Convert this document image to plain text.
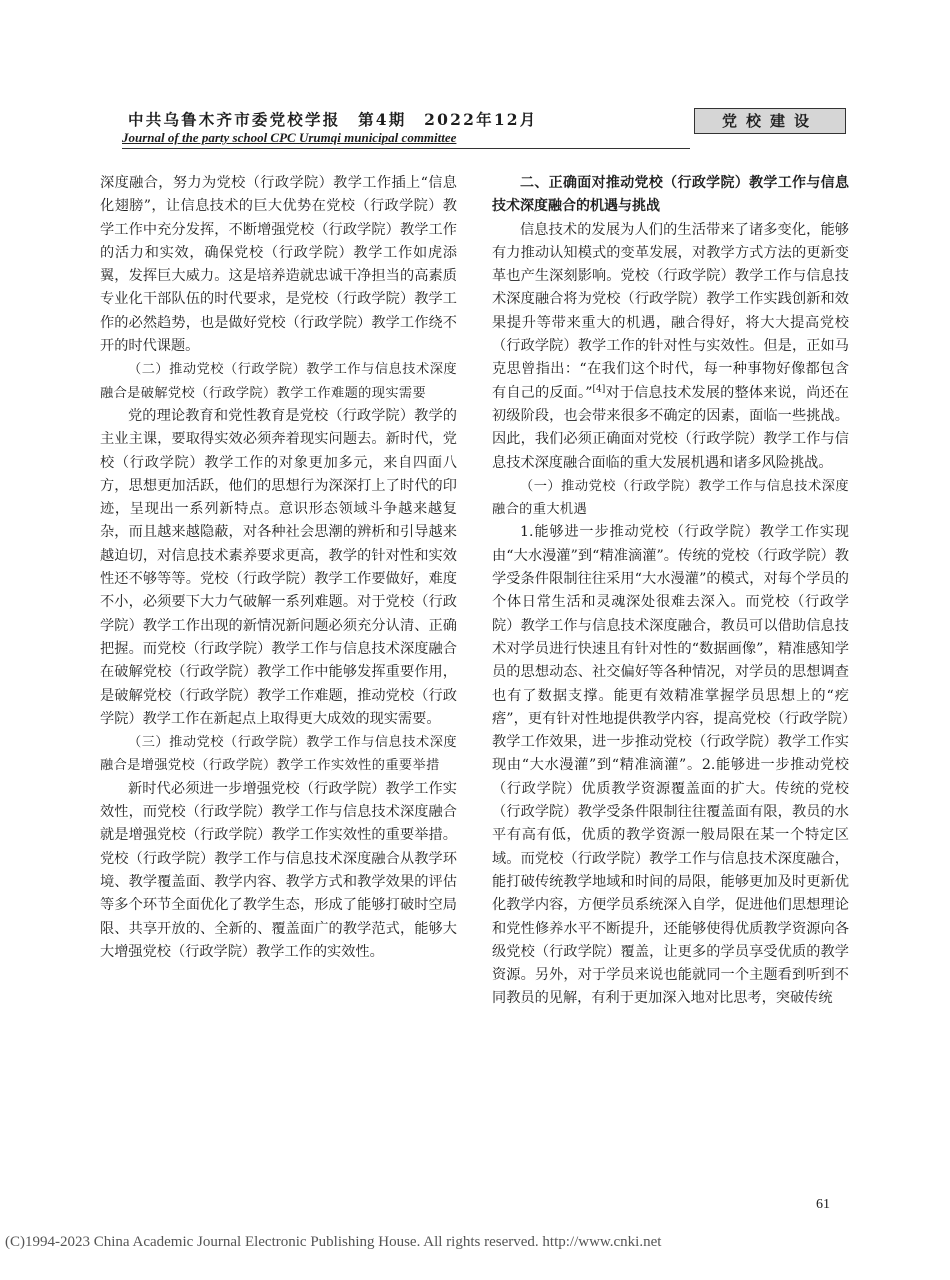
中共乌鲁木齐市委党校学报　第4期　2022年12月
Journal of the party school CPC Urumqi municipal committee
党校建设

深度融合，努力为党校（行政学院）教学工作插上“信息化翅膀”，让信息技术的巨大优势在党校（行政学院）教学工作中充分发挥，不断增强党校（行政学院）教学工作的活力和实效，确保党校（行政学院）教学工作如虎添翼，发挥巨大威力。这是培养造就忠诚干净担当的高素质专业化干部队伍的时代要求，是党校（行政学院）教学工作的必然趋势，也是做好党校（行政学院）教学工作绕不开的时代课题。

（二）推动党校（行政学院）教学工作与信息技术深度融合是破解党校（行政学院）教学工作难题的现实需要

党的理论教育和党性教育是党校（行政学院）教学的主业主课，要取得实效必须奔着现实问题去。新时代，党校（行政学院）教学工作的对象更加多元，来自四面八方，思想更加活跃，他们的思想行为深深打上了时代的印迹，呈现出一系列新特点。意识形态领域斗争越来越复杂，而且越来越隐蔽，对各种社会思潮的辨析和引导越来越迫切，对信息技术素养要求更高，教学的针对性和实效性还不够等等。党校（行政学院）教学工作要做好，难度不小，必须要下大力气破解一系列难题。对于党校（行政学院）教学工作出现的新情况新问题必须充分认清、正确把握。而党校（行政学院）教学工作与信息技术深度融合在破解党校（行政学院）教学工作中能够发挥重要作用，是破解党校（行政学院）教学工作难题，推动党校（行政学院）教学工作在新起点上取得更大成效的现实需要。

（三）推动党校（行政学院）教学工作与信息技术深度融合是增强党校（行政学院）教学工作实效性的重要举措

新时代必须进一步增强党校（行政学院）教学工作实效性，而党校（行政学院）教学工作与信息技术深度融合就是增强党校（行政学院）教学工作实效性的重要举措。党校（行政学院）教学工作与信息技术深度融合从教学环境、教学覆盖面、教学内容、教学方式和教学效果的评估等多个环节全面优化了教学生态，形成了能够打破时空局限、共享开放的、全新的、覆盖面广的教学范式，能够大大增强党校（行政学院）教学工作的实效性。

二、正确面对推动党校（行政学院）教学工作与信息技术深度融合的机遇与挑战

信息技术的发展为人们的生活带来了诸多变化，能够有力推动认知模式的变革发展，对教学方式方法的更新变革也产生深刻影响。党校（行政学院）教学工作与信息技术深度融合将为党校（行政学院）教学工作实践创新和效果提升等带来重大的机遇，融合得好，将大大提高党校（行政学院）教学工作的针对性与实效性。但是，正如马克思曾指出：“在我们这个时代，每一种事物好像都包含有自己的反面。”[4]对于信息技术发展的整体来说，尚还在初级阶段，也会带来很多不确定的因素，面临一些挑战。因此，我们必须正确面对党校（行政学院）教学工作与信息技术深度融合面临的重大发展机遇和诸多风险挑战。

（一）推动党校（行政学院）教学工作与信息技术深度融合的重大机遇

1.能够进一步推动党校（行政学院）教学工作实现由“大水漫灌”到“精准滴灌”。传统的党校（行政学院）教学受条件限制往往采用“大水漫灌”的模式，对每个学员的个体日常生活和灵魂深处很难去深入。而党校（行政学院）教学工作与信息技术深度融合，教员可以借助信息技术对学员进行快速且有针对性的“数据画像”，精准感知学员的思想动态、社交偏好等各种情况，对学员的思想调查也有了数据支撑。能更有效精准掌握学员思想上的“疙瘩”，更有针对性地提供教学内容，提高党校（行政学院）教学工作效果，进一步推动党校（行政学院）教学工作实现由“大水漫灌”到“精准滴灌”。2.能够进一步推动党校（行政学院）优质教学资源覆盖面的扩大。传统的党校（行政学院）教学受条件限制往往覆盖面有限，教员的水平有高有低，优质的教学资源一般局限在某一个特定区域。而党校（行政学院）教学工作与信息技术深度融合，能打破传统教学地域和时间的局限，能够更加及时更新优化教学内容，方便学员系统深入自学，促进他们思想理论和党性修养水平不断提升，还能够使得优质教学资源向各级党校（行政学院）覆盖，让更多的学员享受优质的教学资源。另外，对于学员来说也能就同一个主题看到听到不同教员的见解，有利于更加深入地对比思考，突破传统

61
(C)1994-2023 China Academic Journal Electronic Publishing House. All rights reserved. http://www.cnki.net
